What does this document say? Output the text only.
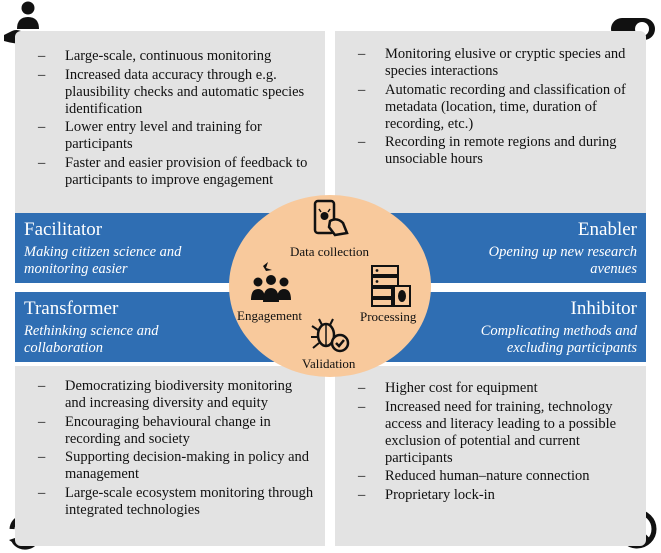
– Large-scale, continuous monitoring
– Increased data accuracy through e.g. plausibility checks and automatic species identification
– Lower entry level and training for participants
– Faster and easier provision of feedback to participants to improve engagement
– Monitoring elusive or cryptic species and species interactions
– Automatic recording and classification of metadata (location, time, duration of recording, etc.)
– Recording in remote regions and during unsociable hours
– Democratizing biodiversity monitoring and increasing diversity and equity
– Encouraging behavioural change in recording and society
– Supporting decision-making in policy and management
– Large-scale ecosystem monitoring through integrated technologies
– Higher cost for equipment
– Increased need for training, technology access and literacy leading to a possible exclusion of potential and current participants
– Reduced human–nature connection
– Proprietary lock-in
Facilitator
Making citizen science and monitoring easier
Enabler
Opening up new research avenues
Transformer
Rethinking science and collaboration
Inhibitor
Complicating methods and excluding participants
Data collection
Engagement	Processing
Validation
